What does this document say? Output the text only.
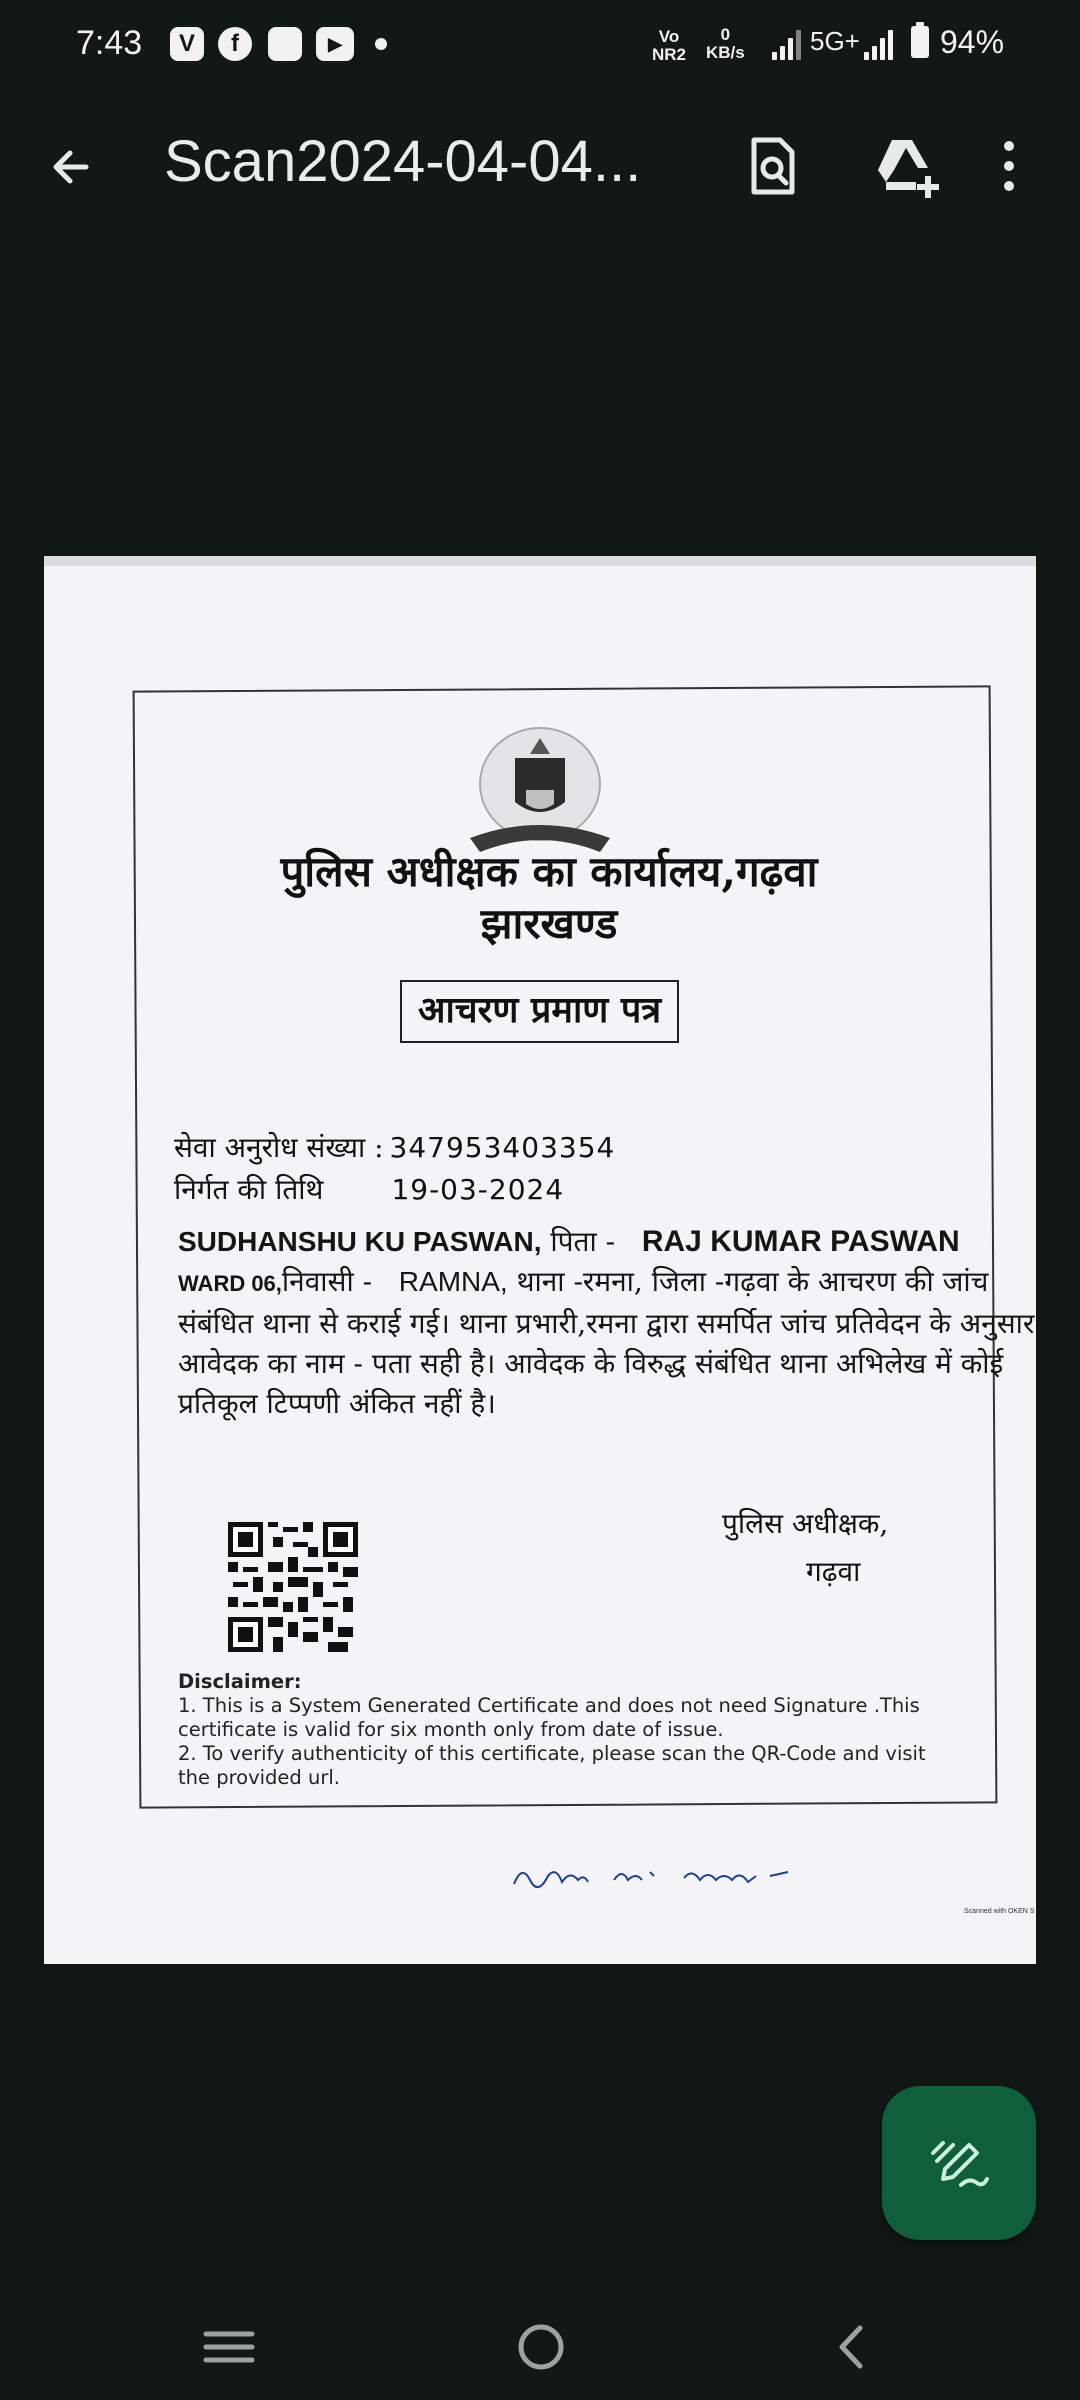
7:43	V	f	▶	Vo
NR2
0
KB/s	5G+	94%
Scan2024-04-04...
पुलिस अधीक्षक का कार्यालय,गढ़वा
झारखण्ड
आचरण प्रमाण पत्र
सेवा अनुरोध संख्या : 347953403354
निर्गत की तिथि 19-03-2024
SUDHANSHU KU PASWAN, पिता -   RAJ KUMAR PASWAN
WARD 06,निवासी -   RAMNA, थाना -रमना, जिला -गढ़वा के आचरण की जांच संबंधित थाना से कराई गई। थाना प्रभारी,रमना द्वारा समर्पित जांच प्रतिवेदन के अनुसार आवेदक का नाम - पता सही है। आवेदक के विरुद्ध संबंधित थाना अभिलेख में कोई प्रतिकूल टिप्पणी अंकित नहीं है।
पुलिस अधीक्षक,
गढ़वा
Disclaimer:
1. This is a System Generated Certificate and does not need Signature .This certificate is valid for six month only from date of issue.
2. To verify authenticity of this certificate, please scan the QR-Code and visit the provided url.
Scanned with OKEN S
